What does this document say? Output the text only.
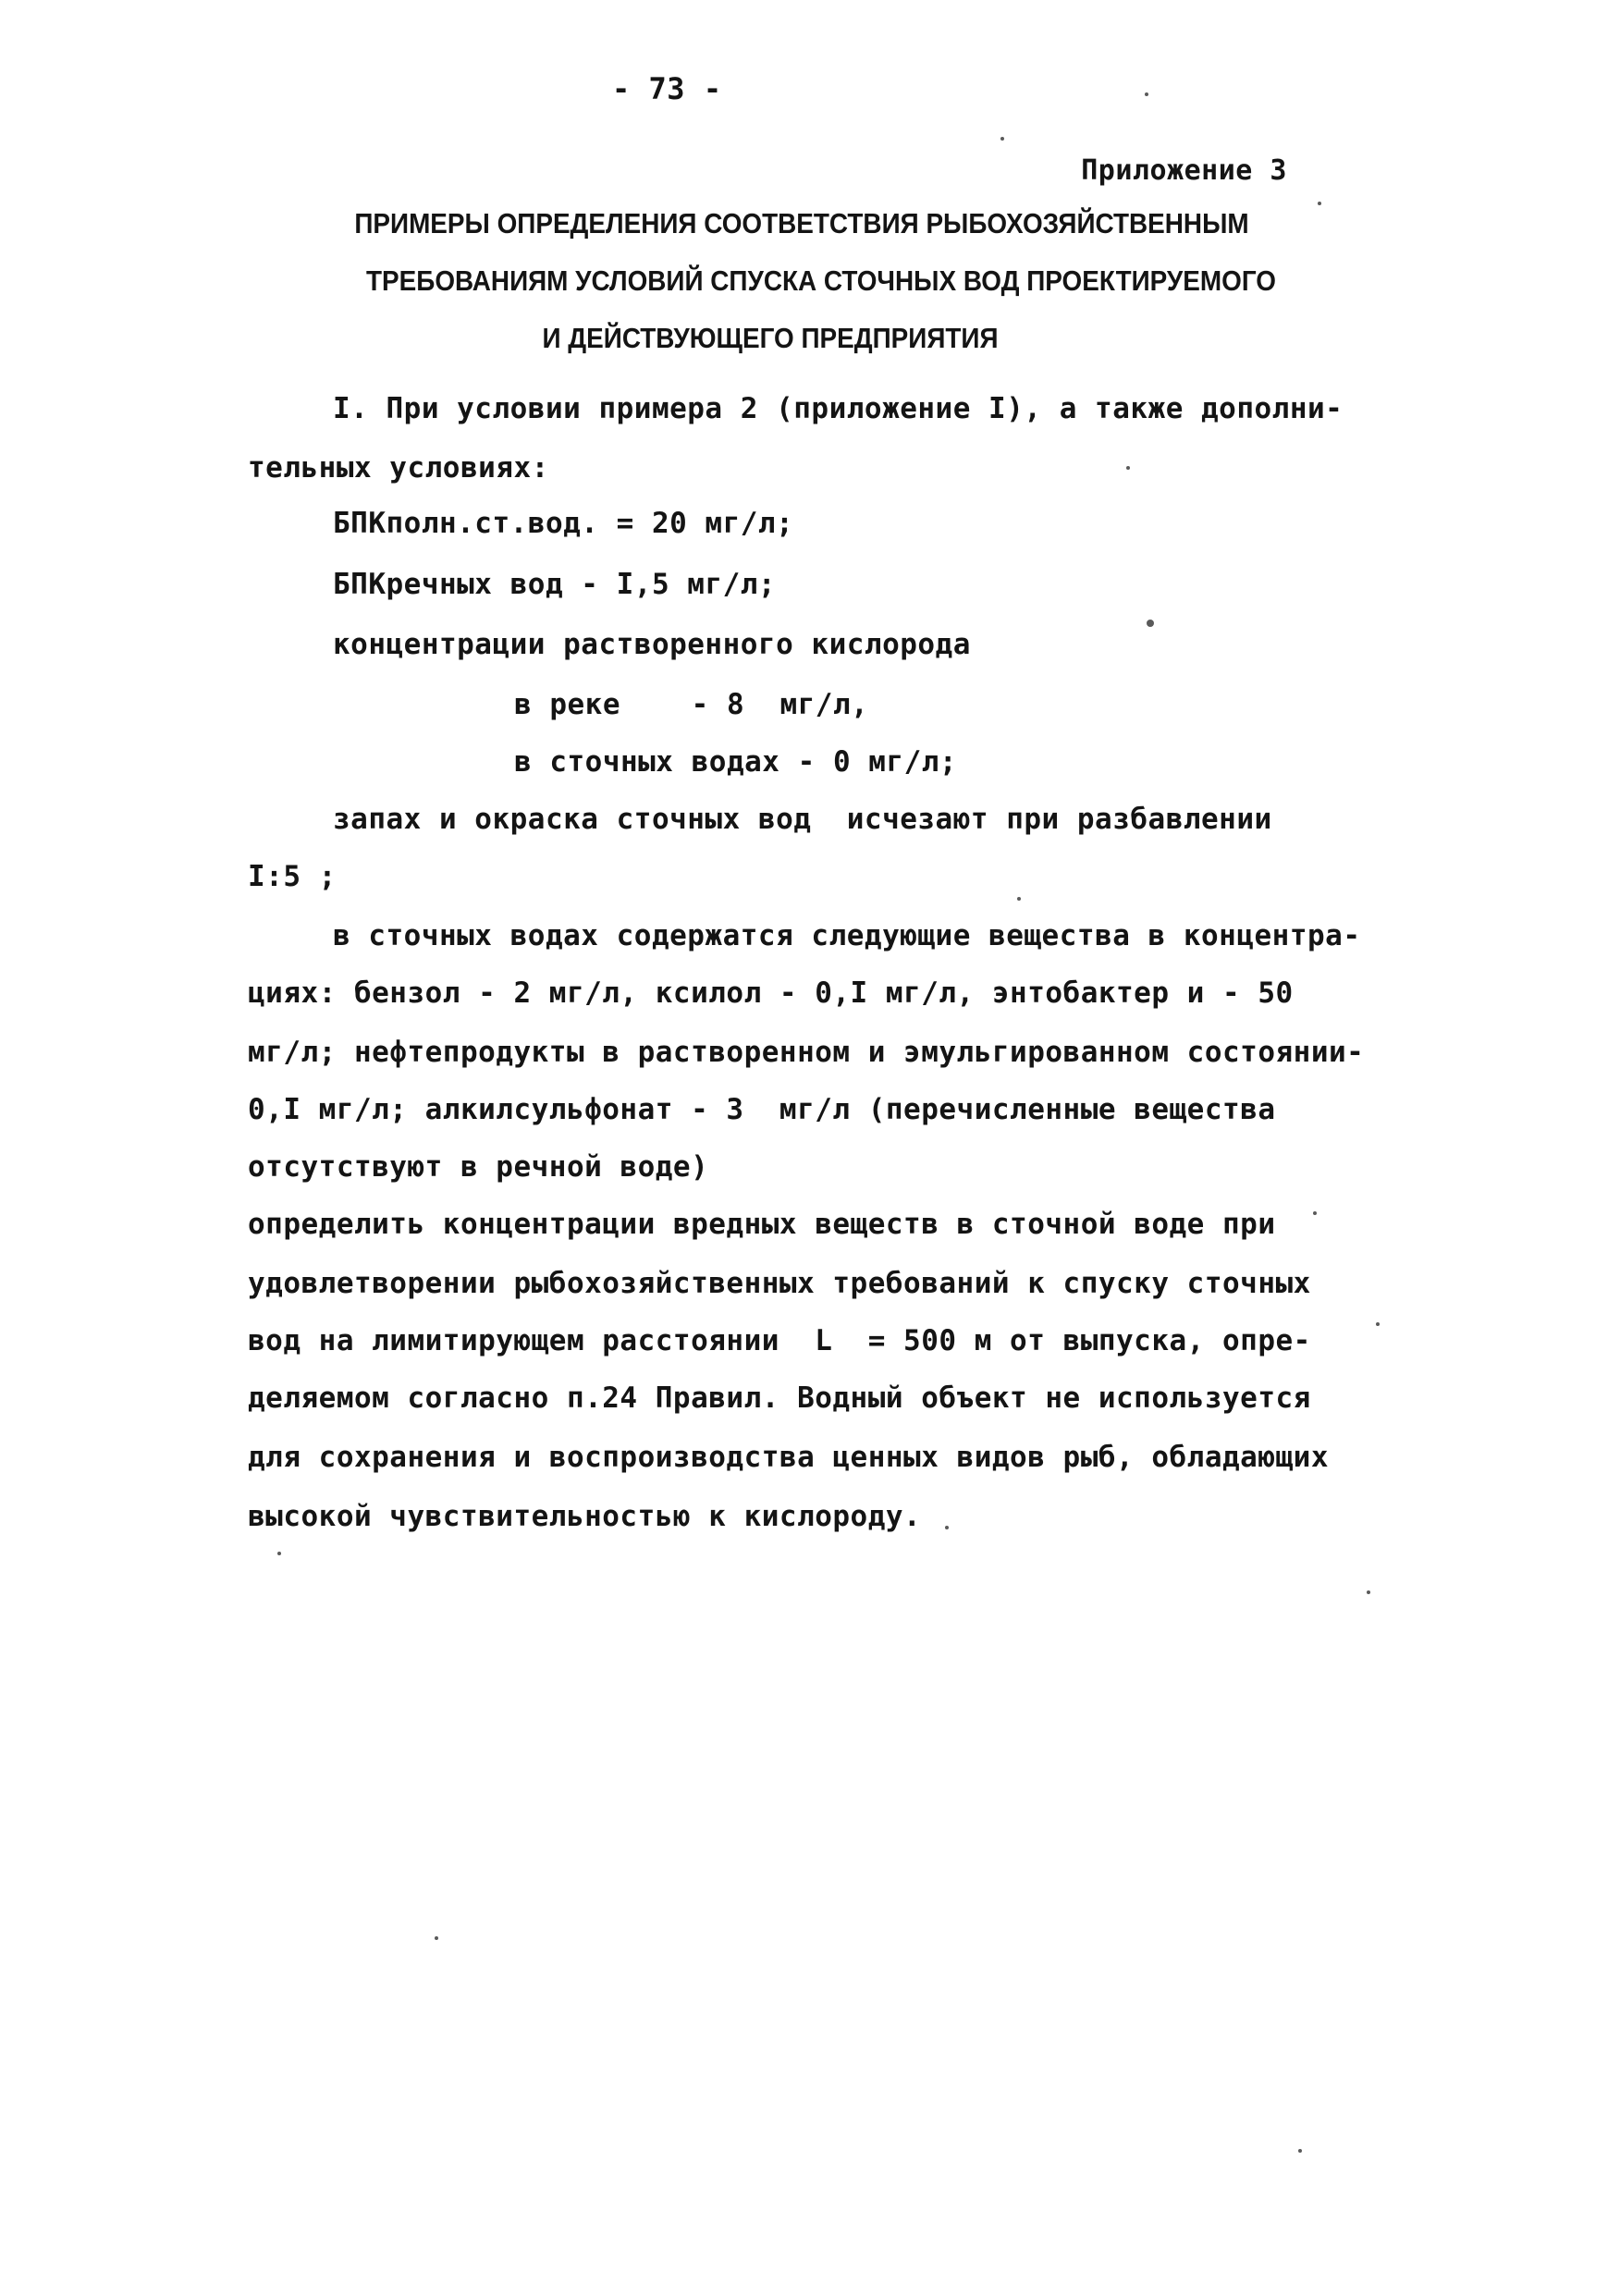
- 73 -
Приложение 3
ПРИМЕРЫ ОПРЕДЕЛЕНИЯ СООТВЕТСТВИЯ РЫБОХОЗЯЙСТВЕННЫМ
ТРЕБОВАНИЯМ УСЛОВИЙ СПУСКА СТОЧНЫХ ВОД ПРОЕКТИРУЕМОГО
И ДЕЙСТВУЮЩЕГО ПРЕДПРИЯТИЯ
I. При условии примера 2 (приложение I), а также дополни-
тельных условиях:
БПКполн.ст.вод. = 20 мг/л;
БПКречных вод - I,5 мг/л;
концентрации растворенного кислорода
в реке    - 8  мг/л,
в сточных водах - 0 мг/л;
запах и окраска сточных вод  исчезают при разбавлении
I:5 ;
в сточных водах содержатся следующие вещества в концентра-
циях: бензол - 2 мг/л, ксилол - 0,I мг/л, энтобактер и - 50
мг/л; нефтепродукты в растворенном и эмульгированном состоянии-
0,I мг/л; алкилсульфонат - 3  мг/л (перечисленные вещества
отсутствуют в речной воде)
определить концентрации вредных веществ в сточной воде при
удовлетворении рыбохозяйственных требований к спуску сточных
вод на лимитирующем расстоянии  L  = 500 м от выпуска, опре-
деляемом согласно п.24 Правил. Водный объект не используется
для сохранения и воспроизводства ценных видов рыб, обладающих
высокой чувствительностью к кислороду.
